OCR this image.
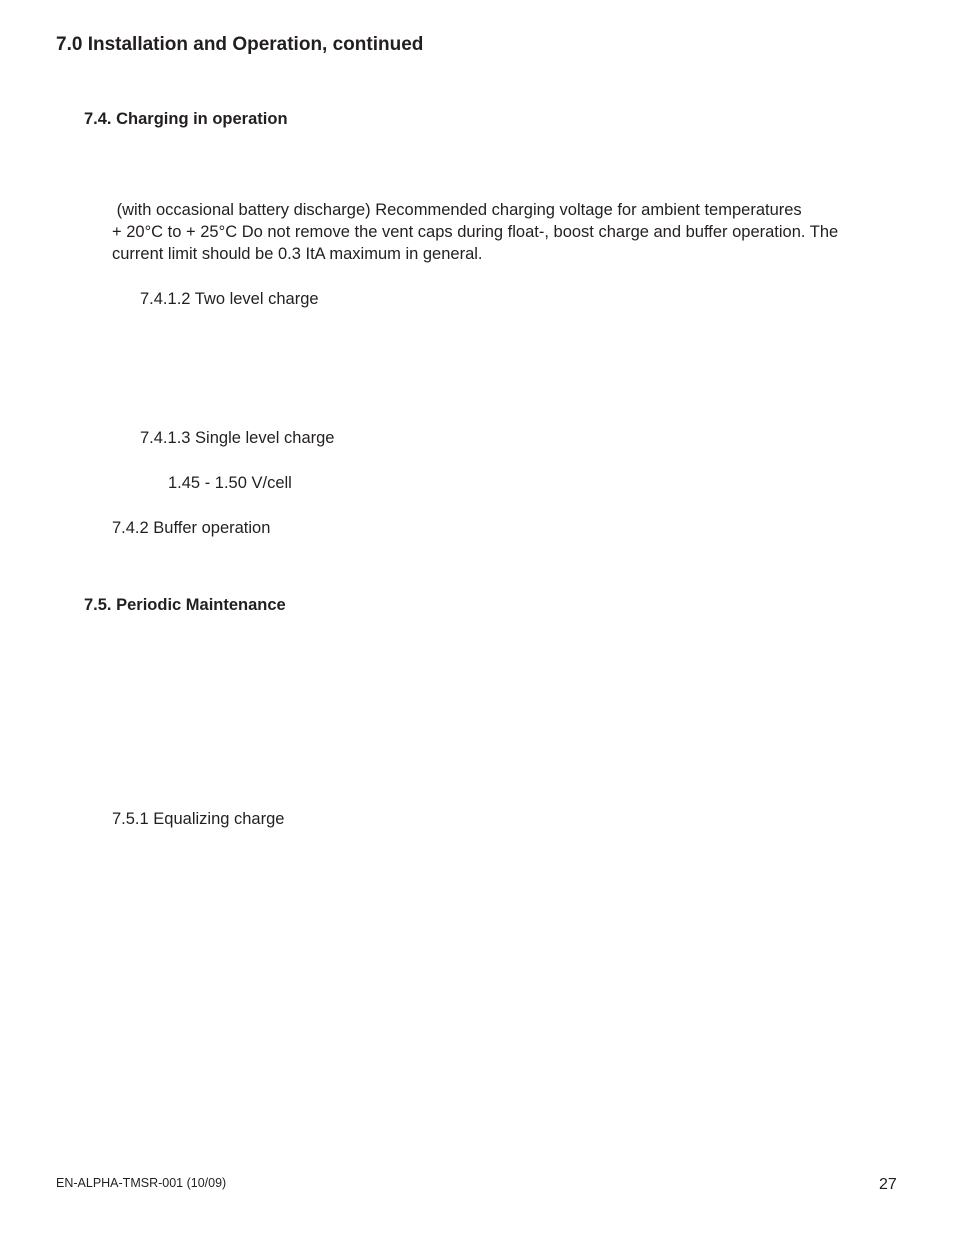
7.0 Installation and Operation, continued
7.4. Charging in operation
(with occasional battery discharge) Recommended charging voltage for ambient temperatures
+ 20°C to + 25°C Do not remove the vent caps during float-, boost charge and buffer operation. The
current limit should be 0.3 ItA maximum in general.
7.4.1.2 Two level charge
7.4.1.3 Single level charge
1.45 - 1.50 V/cell
7.4.2 Buffer operation
7.5. Periodic Maintenance
7.5.1 Equalizing charge
EN-ALPHA-TMSR-001 (10/09)	27
